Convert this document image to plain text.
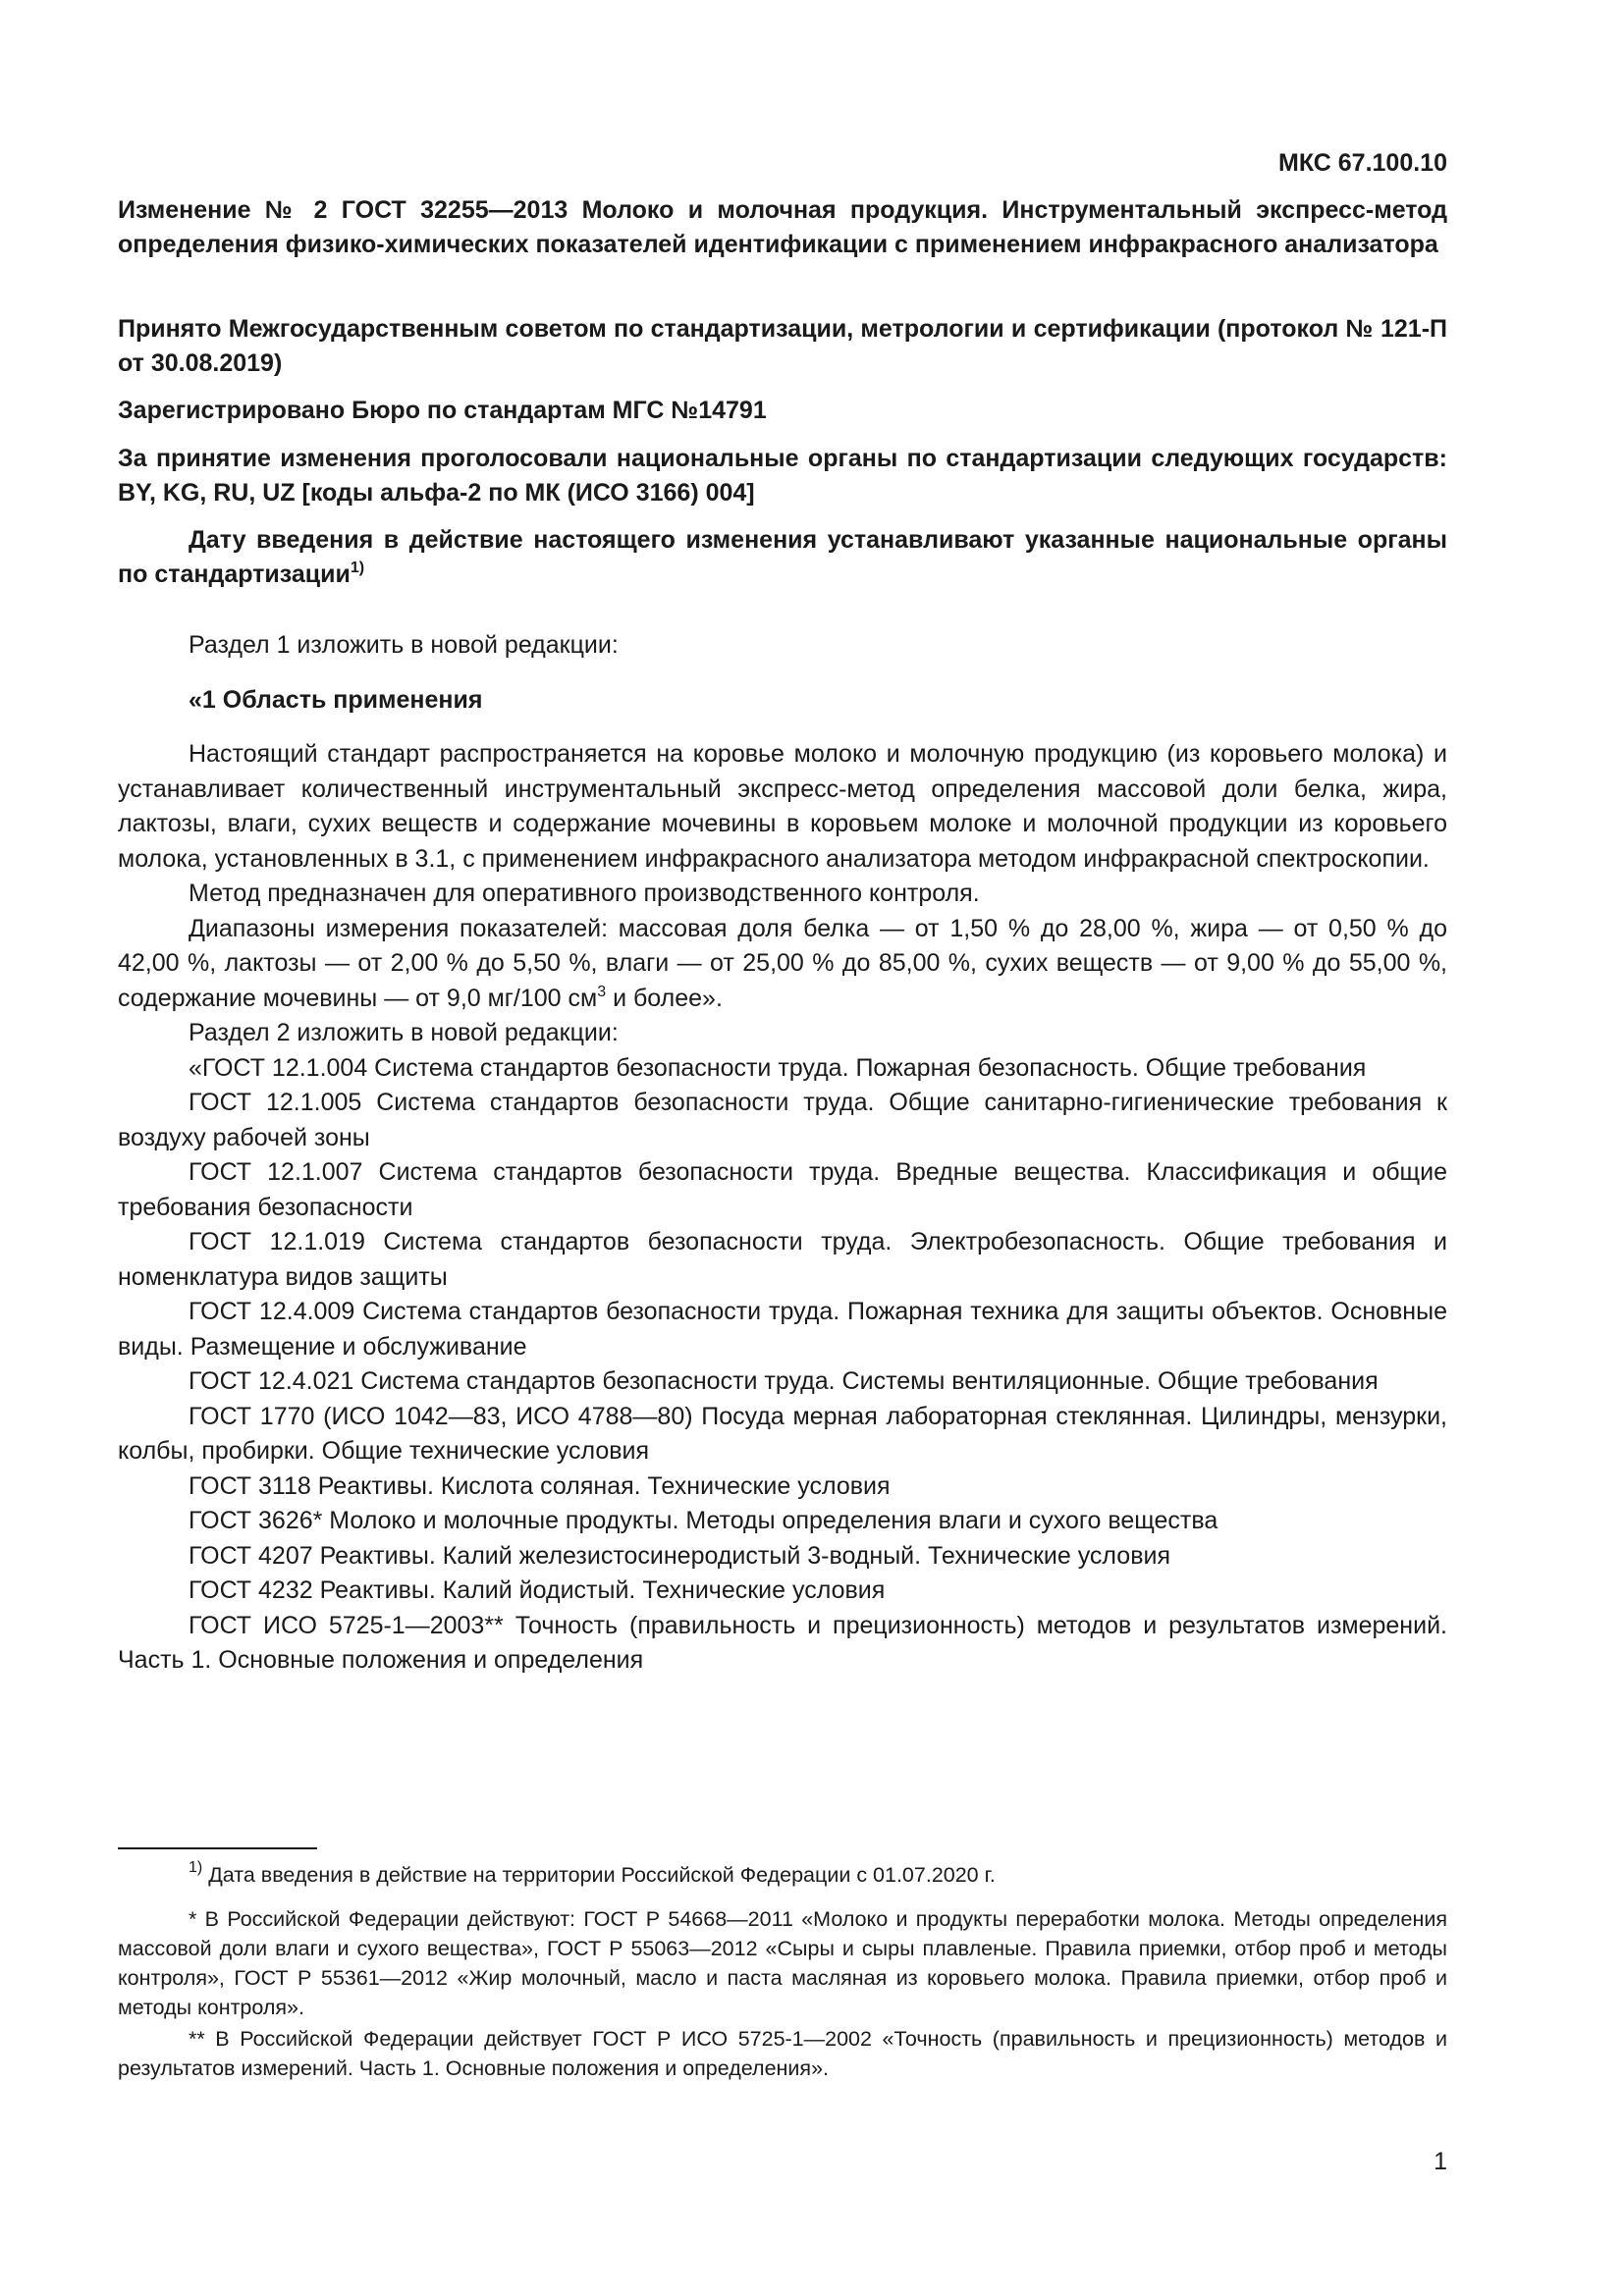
МКС 67.100.10

Изменение № 2 ГОСТ 32255—2013 Молоко и молочная продукция. Инструментальный экспресс-метод определения физико-химических показателей идентификации с применением инфракрасного анализатора

Принято Межгосударственным советом по стандартизации, метрологии и сертификации (протокол № 121-П от 30.08.2019)

Зарегистрировано Бюро по стандартам МГС №14791

За принятие изменения проголосовали национальные органы по стандартизации следующих государств: BY, KG, RU, UZ [коды альфа-2 по МК (ИСО 3166) 004]

Дату введения в действие настоящего изменения устанавливают указанные национальные органы по стандартизации$^{1)}$

Раздел 1 изложить в новой редакции:

«1 Область применения

Настоящий стандарт распространяется на коровье молоко и молочную продукцию (из коровьего молока) и устанавливает количественный инструментальный экспресс-метод определения массовой доли белка, жира, лактозы, влаги, сухих веществ и содержание мочевины в коровьем молоке и молочной продукции из коровьего молока, установленных в 3.1, с применением инфракрасного анализатора методом инфракрасной спектроскопии.

Метод предназначен для оперативного производственного контроля.

Диапазоны измерения показателей: массовая доля белка — от 1,50 % до 28,00 %, жира — от 0,50 % до 42,00 %, лактозы — от 2,00 % до 5,50 %, влаги — от 25,00 % до 85,00 %, сухих веществ — от 9,00 % до 55,00 %, содержание мочевины — от 9,0 мг/100 $см^3$ и более».

Раздел 2 изложить в новой редакции:

«ГОСТ 12.1.004 Система стандартов безопасности труда. Пожарная безопасность. Общие требования

ГОСТ 12.1.005 Система стандартов безопасности труда. Общие санитарно-гигиенические требования к воздуху рабочей зоны

ГОСТ 12.1.007 Система стандартов безопасности труда. Вредные вещества. Классификация и общие требования безопасности

ГОСТ 12.1.019 Система стандартов безопасности труда. Электробезопасность. Общие требования и номенклатура видов защиты

ГОСТ 12.4.009 Система стандартов безопасности труда. Пожарная техника для защиты объектов. Основные виды. Размещение и обслуживание

ГОСТ 12.4.021 Система стандартов безопасности труда. Системы вентиляционные. Общие требования

ГОСТ 1770 (ИСО 1042—83, ИСО 4788—80) Посуда мерная лабораторная стеклянная. Цилиндры, мензурки, колбы, пробирки. Общие технические условия

ГОСТ 3118 Реактивы. Кислота соляная. Технические условия

ГОСТ 3626* Молоко и молочные продукты. Методы определения влаги и сухого вещества

ГОСТ 4207 Реактивы. Калий железистосинеродистый 3-водный. Технические условия

ГОСТ 4232 Реактивы. Калий йодистый. Технические условия

ГОСТ ИСО 5725-1—2003** Точность (правильность и прецизионность) методов и результатов измерений. Часть 1. Основные положения и определения

$^{1)}$ Дата введения в действие на территории Российской Федерации с 01.07.2020 г.

* В Российской Федерации действуют: ГОСТ Р 54668—2011 «Молоко и продукты переработки молока. Методы определения массовой доли влаги и сухого вещества», ГОСТ Р 55063—2012 «Сыры и сыры плавленые. Правила приемки, отбор проб и методы контроля», ГОСТ Р 55361—2012 «Жир молочный, масло и паста масляная из коровьего молока. Правила приемки, отбор проб и методы контроля».

** В Российской Федерации действует ГОСТ Р ИСО 5725-1—2002 «Точность (правильность и прецизионность) методов и результатов измерений. Часть 1. Основные положения и определения».

1
